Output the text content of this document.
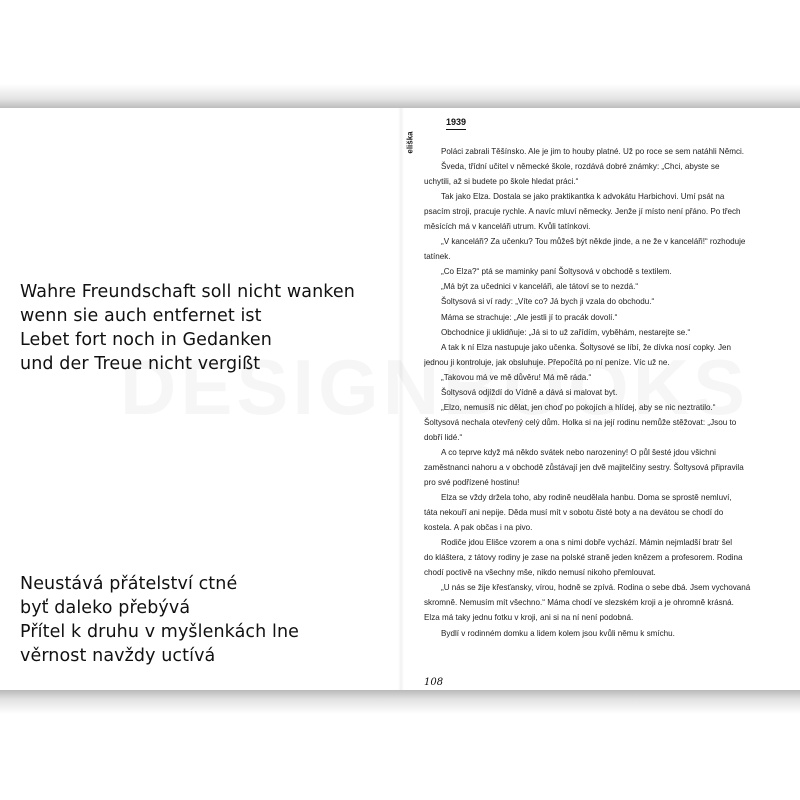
Wahre Freundschaft soll nicht wanken
wenn sie auch entfernet ist
Lebet fort noch in Gedanken
und der Treue nicht vergißt
Neustává přátelství ctné
byť daleko přebývá
Přítel k druhu v myšlenkách lne
věrnost navždy uctívá
eliška
1939
Poláci zabrali Těšínsko. Ale je jim to houby platné. Už po roce se sem natáhli Němci.
Šveda, třídní učitel v německé škole, rozdává dobré známky: „Chci, abyste se
uchytili, až si budete po škole hledat práci.“
Tak jako Elza. Dostala se jako praktikantka k advokátu Harbichovi. Umí psát na
psacím stroji, pracuje rychle. A navíc mluví německy. Jenže jí místo není přáno. Po třech
měsících má v kanceláři utrum. Kvůli tatínkovi.
„V kanceláři? Za učenku? Tou můžeš být někde jinde, a ne že v kanceláři!“ rozhoduje
tatínek.
„Co Elza?“ ptá se maminky paní Šoltysová v obchodě s textilem.
„Má být za učednici v kanceláři, ale tátoví se to nezdá.“
Šoltysová si ví rady: „Víte co? Já bych ji vzala do obchodu.“
Máma se strachuje: „Ale jestli jí to pracák dovolí.“
Obchodnice ji uklidňuje: „Já si to už zařídím, vyběhám, nestarejte se.“
A tak k ní Elza nastupuje jako učenka. Šoltysové se líbí, že dívka nosí copky. Jen
jednou ji kontroluje, jak obsluhuje. Přepočítá po ní peníze. Víc už ne.
„Takovou má ve mě důvěru! Má mě ráda.“
Šoltysová odjíždí do Vídně a dává si malovat byt.
„Elzo, nemusíš nic dělat, jen choď po pokojích a hlídej, aby se nic neztratilo.“
Šoltysová nechala otevřený celý dům. Holka si na její rodinu nemůže stěžovat: „Jsou to
dobří lidé.“
A co teprve když má někdo svátek nebo narozeniny! O půl šesté jdou všichni
zaměstnanci nahoru a v obchodě zůstávají jen dvě majitelčiny sestry. Šoltysová připravila
pro své podřízené hostinu!
Elza se vždy držela toho, aby rodině neudělala hanbu. Doma se sprostě nemluví,
táta nekouří ani nepije. Děda musí mít v sobotu čisté boty a na devátou se chodí do
kostela. A pak občas i na pivo.
Rodiče jdou Elišce vzorem a ona s nimi dobře vychází. Mámin nejmladší bratr šel
do kláštera, z tátovy rodiny je zase na polské straně jeden knězem a profesorem. Rodina
chodí poctivě na všechny mše, nikdo nemusí nikoho přemlouvat.
„U nás se žije křesťansky, vírou, hodně se zpívá. Rodina o sebe dbá. Jsem vychovaná
skromně. Nemusím mít všechno.“ Máma chodí ve slezském kroji a je ohromně krásná.
Elza má taky jednu fotku v kroji, ani si na ní není podobná.
Bydlí v rodinném domku a lidem kolem jsou kvůli němu k smíchu.
108
